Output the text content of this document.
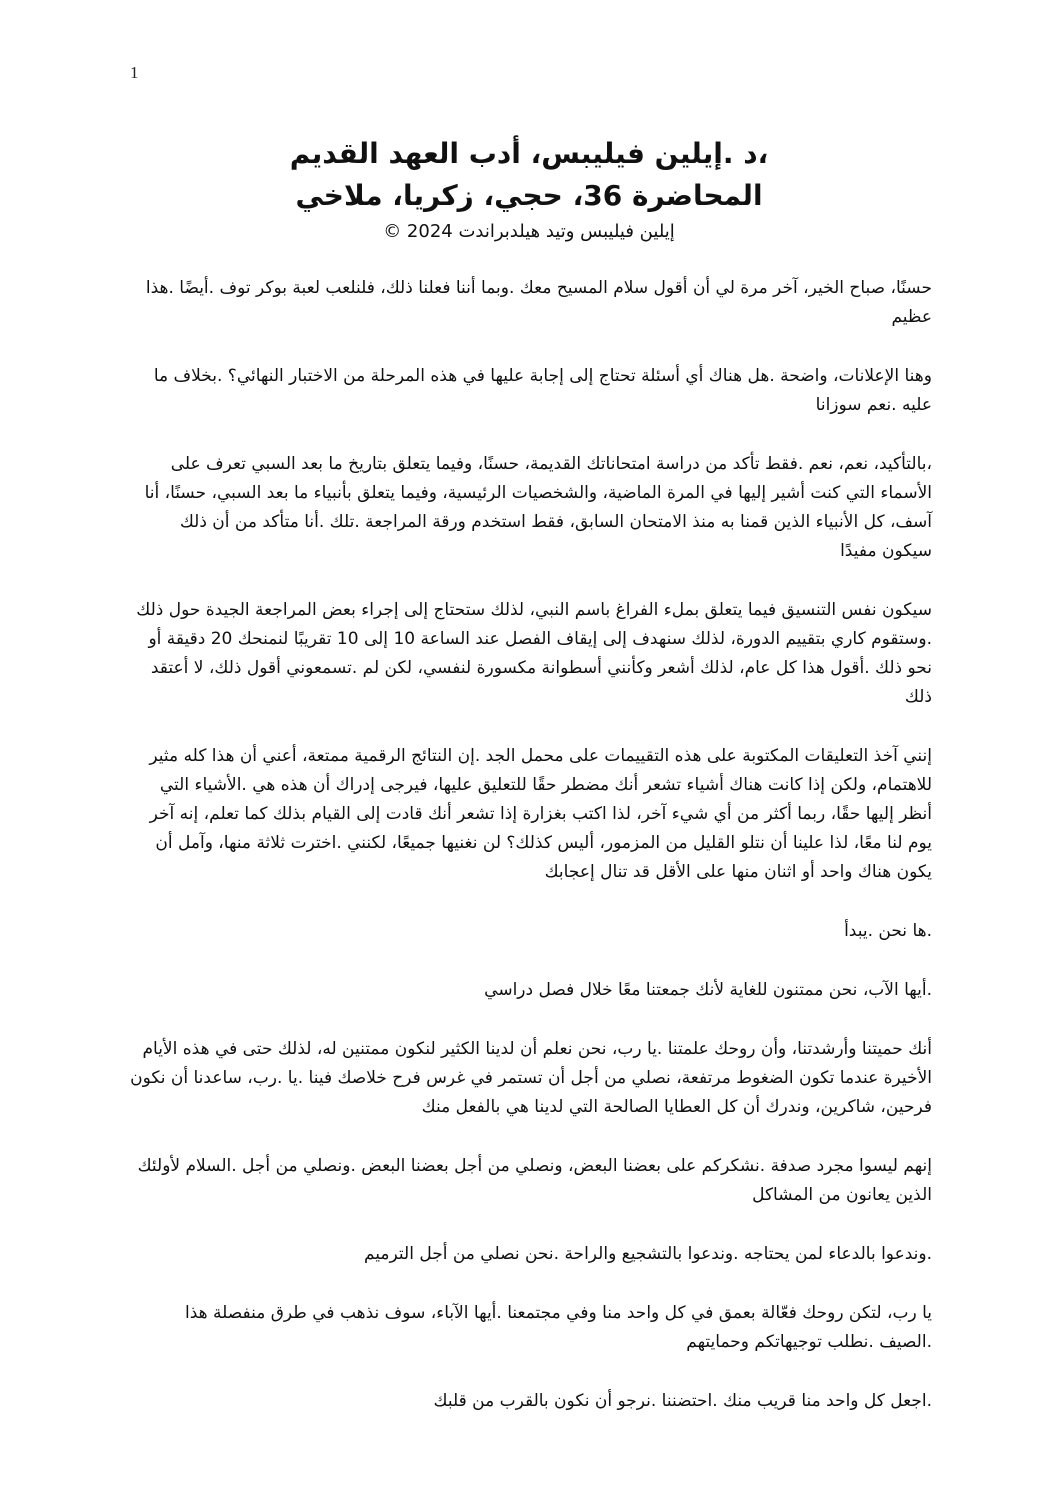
1

،د .إيلين فيليبس، أدب العهد القديم

المحاضرة 36، حجي، زكريا، ملاخي

إيلين فيليبس وتيد هيلدبراندت 2024 ©

حسنًا، صباح الخير، آخر مرة لي أن أقول سلام المسيح معك .وبما أننا فعلنا ذلك، فلنلعب لعبة بوكر توف .أيضًا .هذا عظيم

وهنا الإعلانات، واضحة .هل هناك أي أسئلة تحتاج إلى إجابة عليها في هذه المرحلة من الاختبار النهائي؟ .بخلاف ما عليه .نعم سوزانا

،بالتأكيد، نعم، نعم .فقط تأكد من دراسة امتحاناتك القديمة، حسنًا، وفيما يتعلق بتاريخ ما بعد السبي تعرف على الأسماء التي كنت أشير إليها في المرة الماضية، والشخصيات الرئيسية، وفيما يتعلق بأنبياء ما بعد السبي، حسنًا، أنا آسف، كل الأنبياء الذين قمنا به منذ الامتحان السابق، فقط استخدم ورقة المراجعة .تلك .أنا متأكد من أن ذلك سيكون مفيدًا

سيكون نفس التنسيق فيما يتعلق بملء الفراغ باسم النبي، لذلك ستحتاج إلى إجراء بعض المراجعة الجيدة حول ذلك .وستقوم كاري بتقييم الدورة، لذلك سنهدف إلى إيقاف الفصل عند الساعة 10 إلى 10 تقريبًا لنمنحك 20 دقيقة أو نحو ذلك .أقول هذا كل عام، لذلك أشعر وكأنني أسطوانة مكسورة لنفسي، لكن لم .تسمعوني أقول ذلك، لا أعتقد ذلك

إنني آخذ التعليقات المكتوبة على هذه التقييمات على محمل الجد .إن النتائج الرقمية ممتعة، أعني أن هذا كله مثير للاهتمام، ولكن إذا كانت هناك أشياء تشعر أنك مضطر حقًا للتعليق عليها، فيرجى إدراك أن هذه هي .الأشياء التي أنظر إليها حقًا، ربما أكثر من أي شيء آخر، لذا اكتب بغزارة إذا تشعر أنك قادت إلى القيام بذلك كما تعلم، إنه آخر يوم لنا معًا، لذا علينا أن نتلو القليل من المزمور، أليس كذلك؟ لن نغنيها جميعًا، لكنني .اخترت ثلاثة منها، وآمل أن يكون هناك واحد أو اثنان منها على الأقل قد تنال إعجابك

.ها نحن .يبدأ

.أيها الآب، نحن ممتنون للغاية لأنك جمعتنا معًا خلال فصل دراسي

أنك حميتنا وأرشدتنا، وأن روحك علمتنا .يا رب، نحن نعلم أن لدينا الكثير لنكون ممتنين له، لذلك حتى في هذه الأيام الأخيرة عندما تكون الضغوط مرتفعة، نصلي من أجل أن تستمر في غرس فرح خلاصك فينا .يا .رب، ساعدنا أن نكون فرحين، شاكرين، وندرك أن كل العطايا الصالحة التي لدينا هي بالفعل منك

إنهم ليسوا مجرد صدفة .نشكركم على بعضنا البعض، ونصلي من أجل بعضنا البعض .ونصلي من أجل .السلام لأولئك الذين يعانون من المشاكل

.وندعوا بالدعاء لمن يحتاجه .وندعوا بالتشجيع والراحة .نحن نصلي من أجل الترميم

يا رب، لتكن روحك فعّالة بعمق في كل واحد منا وفي مجتمعنا .أيها الآباء، سوف نذهب في طرق منفصلة هذا .الصيف .نطلب توجيهاتكم وحمايتهم

.اجعل كل واحد منا قريب منك .احتضننا .نرجو أن نكون بالقرب من قلبك
